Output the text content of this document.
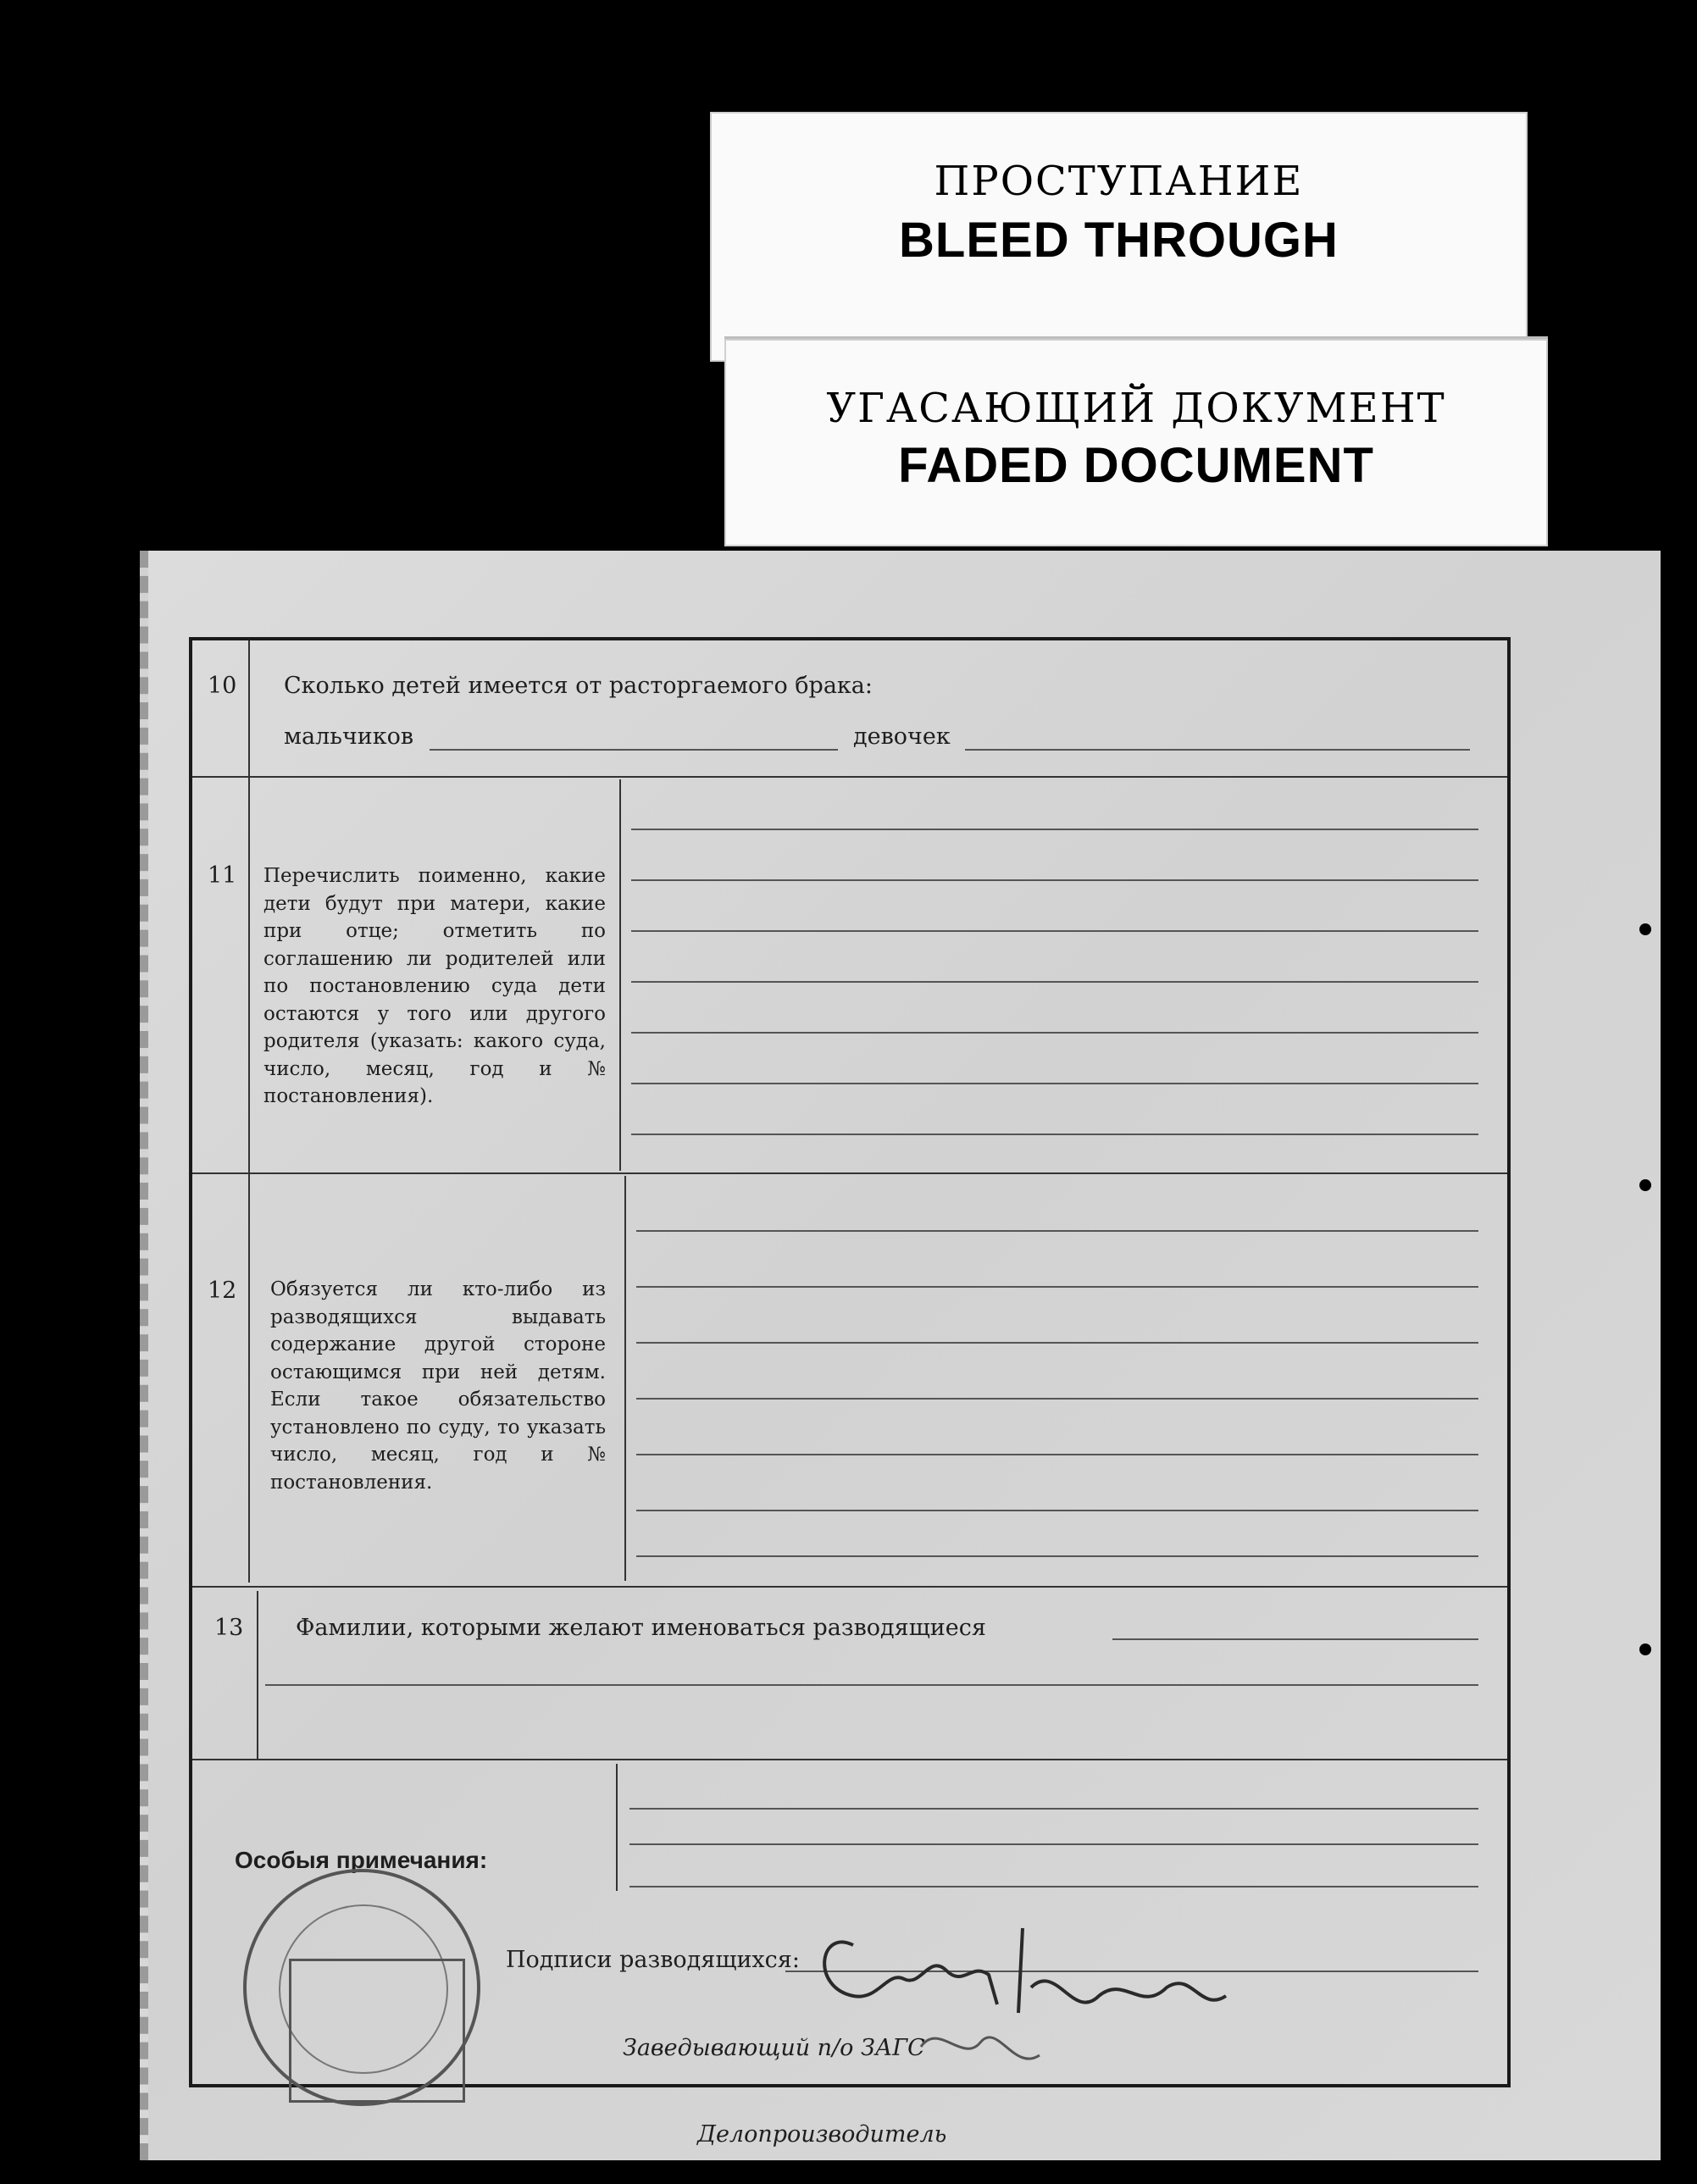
ПРОСТУПАНИЕ
BLEED THROUGH
УГАСАЮЩИЙ ДОКУМЕНТ
FADED DOCUMENT
10 Сколько детей имеется от расторгаемого брака:
мальчиков	девочек
11 Перечислить поименно, какие дети будут при матери, какие при отце; отметить по соглашению ли родителей или по постановлению суда дети остаются у того или другого родителя (указать: какого суда, число, месяц, год и № постановления).
12 Обязуется ли кто-либо из разводящихся выдавать содержание другой стороне остающимся при ней детям. Если такое обязательство установлено по суду, то указать число, месяц, год и № постановления.
13 Фамилии, которыми желают именоваться разводящиеся
Особыя примечания:
Подписи разводящихся:
Заведывающий п/о ЗАГС
Делопроизводитель
